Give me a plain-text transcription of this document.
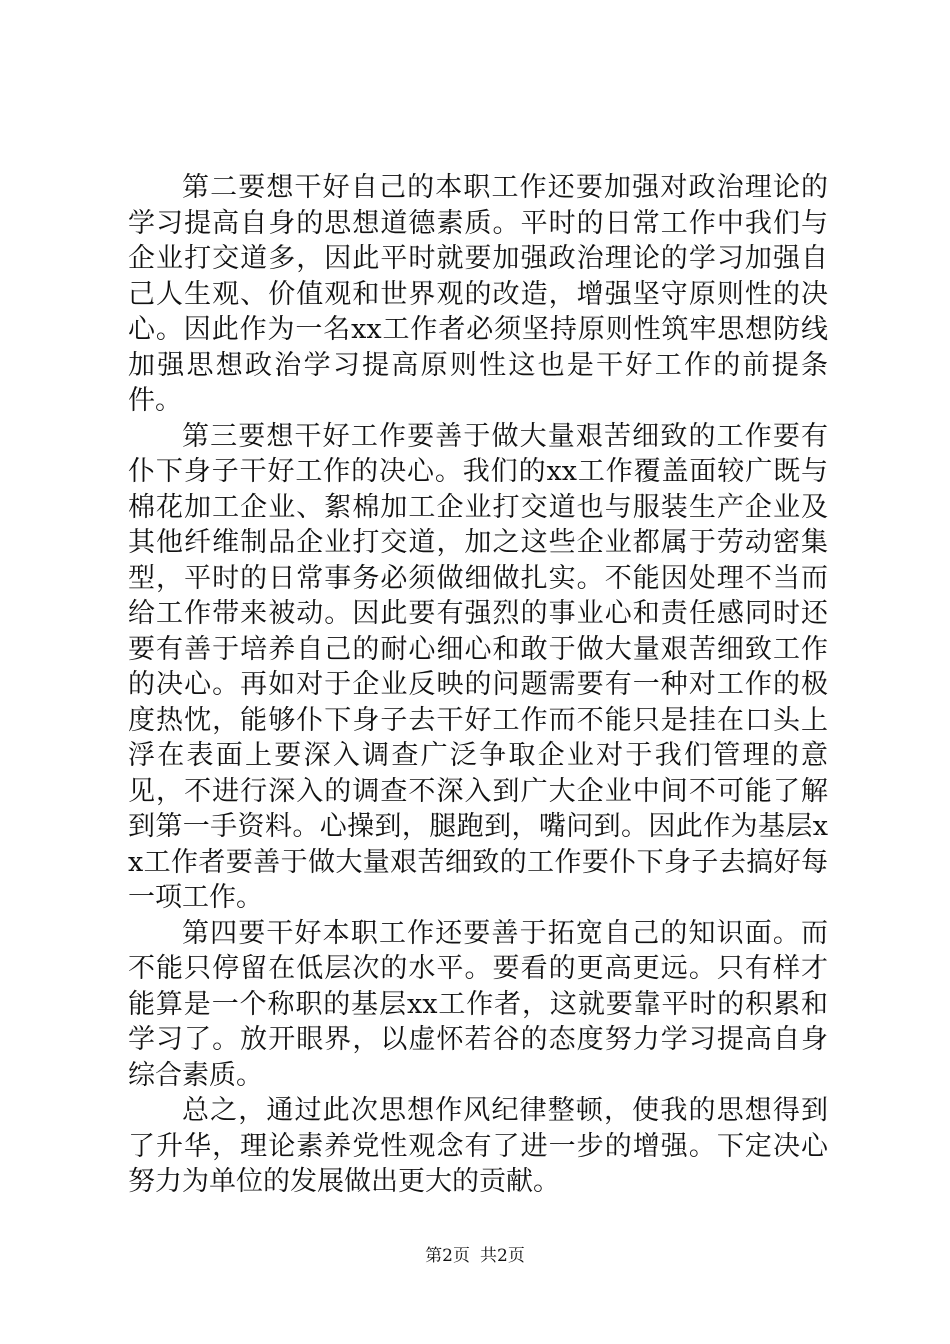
第二要想干好自己的本职工作还要加强对政治理论的学习提高自身的思想道德素质。平时的日常工作中我们与企业打交道多，因此平时就要加强政治理论的学习加强自己人生观、价值观和世界观的改造，增强坚守原则性的决心。因此作为一名xx工作者必须坚持原则性筑牢思想防线加强思想政治学习提高原则性这也是干好工作的前提条件。

第三要想干好工作要善于做大量艰苦细致的工作要有仆下身子干好工作的决心。我们的xx工作覆盖面较广既与棉花加工企业、絮棉加工企业打交道也与服装生产企业及其他纤维制品企业打交道，加之这些企业都属于劳动密集型，平时的日常事务必须做细做扎实。不能因处理不当而给工作带来被动。因此要有强烈的事业心和责任感同时还要有善于培养自己的耐心细心和敢于做大量艰苦细致工作的决心。再如对于企业反映的问题需要有一种对工作的极度热忱，能够仆下身子去干好工作而不能只是挂在口头上浮在表面上要深入调查广泛争取企业对于我们管理的意见，不进行深入的调查不深入到广大企业中间不可能了解到第一手资料。心操到，腿跑到，嘴问到。因此作为基层xx工作者要善于做大量艰苦细致的工作要仆下身子去搞好每一项工作。

第四要干好本职工作还要善于拓宽自己的知识面。而不能只停留在低层次的水平。要看的更高更远。只有样才能算是一个称职的基层xx工作者，这就要靠平时的积累和学习了。放开眼界，以虚怀若谷的态度努力学习提高自身综合素质。

总之，通过此次思想作风纪律整顿，使我的思想得到了升华，理论素养党性观念有了进一步的增强。下定决心努力为单位的发展做出更大的贡献。

第2页 共2页
